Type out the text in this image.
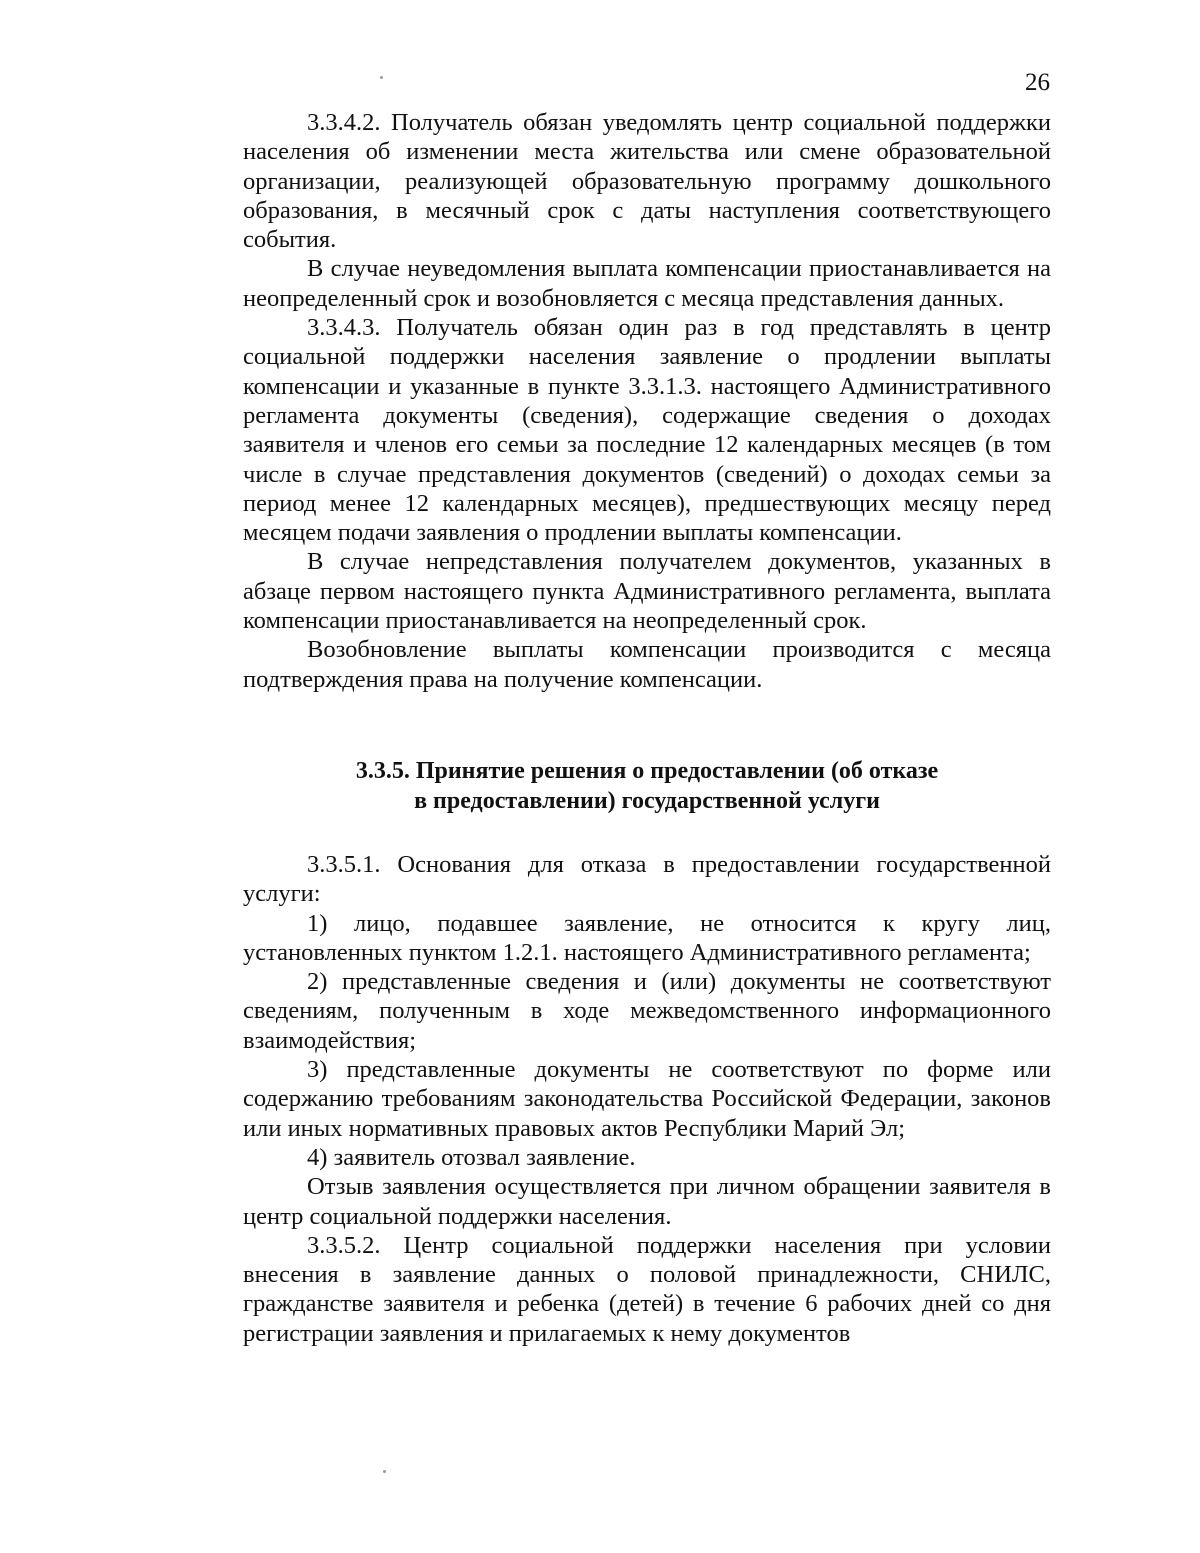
26

3.3.4.2. Получатель обязан уведомлять центр социальной поддержки населения об изменении места жительства или смене образовательной организации, реализующей образовательную программу дошкольного образования, в месячный срок с даты наступления соответствующего события.

В случае неуведомления выплата компенсации приостанавливается на неопределенный срок и возобновляется с месяца представления данных.

3.3.4.3. Получатель обязан один раз в год представлять в центр социальной поддержки населения заявление о продлении выплаты компенсации и указанные в пункте 3.3.1.3. настоящего Административного регламента документы (сведения), содержащие сведения о доходах заявителя и членов его семьи за последние 12 календарных месяцев (в том числе в случае представления документов (сведений) о доходах семьи за период менее 12 календарных месяцев), предшествующих месяцу перед месяцем подачи заявления о продлении выплаты компенсации.

В случае непредставления получателем документов, указанных в абзаце первом настоящего пункта Административного регламента, выплата компенсации приостанавливается на неопределенный срок.

Возобновление выплаты компенсации производится с месяца подтверждения права на получение компенсации.

3.3.5. Принятие решения о предоставлении (об отказе
в предоставлении) государственной услуги

3.3.5.1. Основания для отказа в предоставлении государственной услуги:

1) лицо, подавшее заявление, не относится к кругу лиц, установленных пунктом 1.2.1. настоящего Административного регламента;

2) представленные сведения и (или) документы не соответствуют сведениям, полученным в ходе межведомственного информационного взаимодействия;

3) представленные документы не соответствуют по форме или содержанию требованиям законодательства Российской Федерации, законов или иных нормативных правовых актов Республики Марий Эл;

4) заявитель отозвал заявление.

Отзыв заявления осуществляется при личном обращении заявителя в центр социальной поддержки населения.

3.3.5.2. Центр социальной поддержки населения при условии внесения в заявление данных о половой принадлежности, СНИЛС, гражданстве заявителя и ребенка (детей) в течение 6 рабочих дней со дня регистрации заявления и прилагаемых к нему документов
